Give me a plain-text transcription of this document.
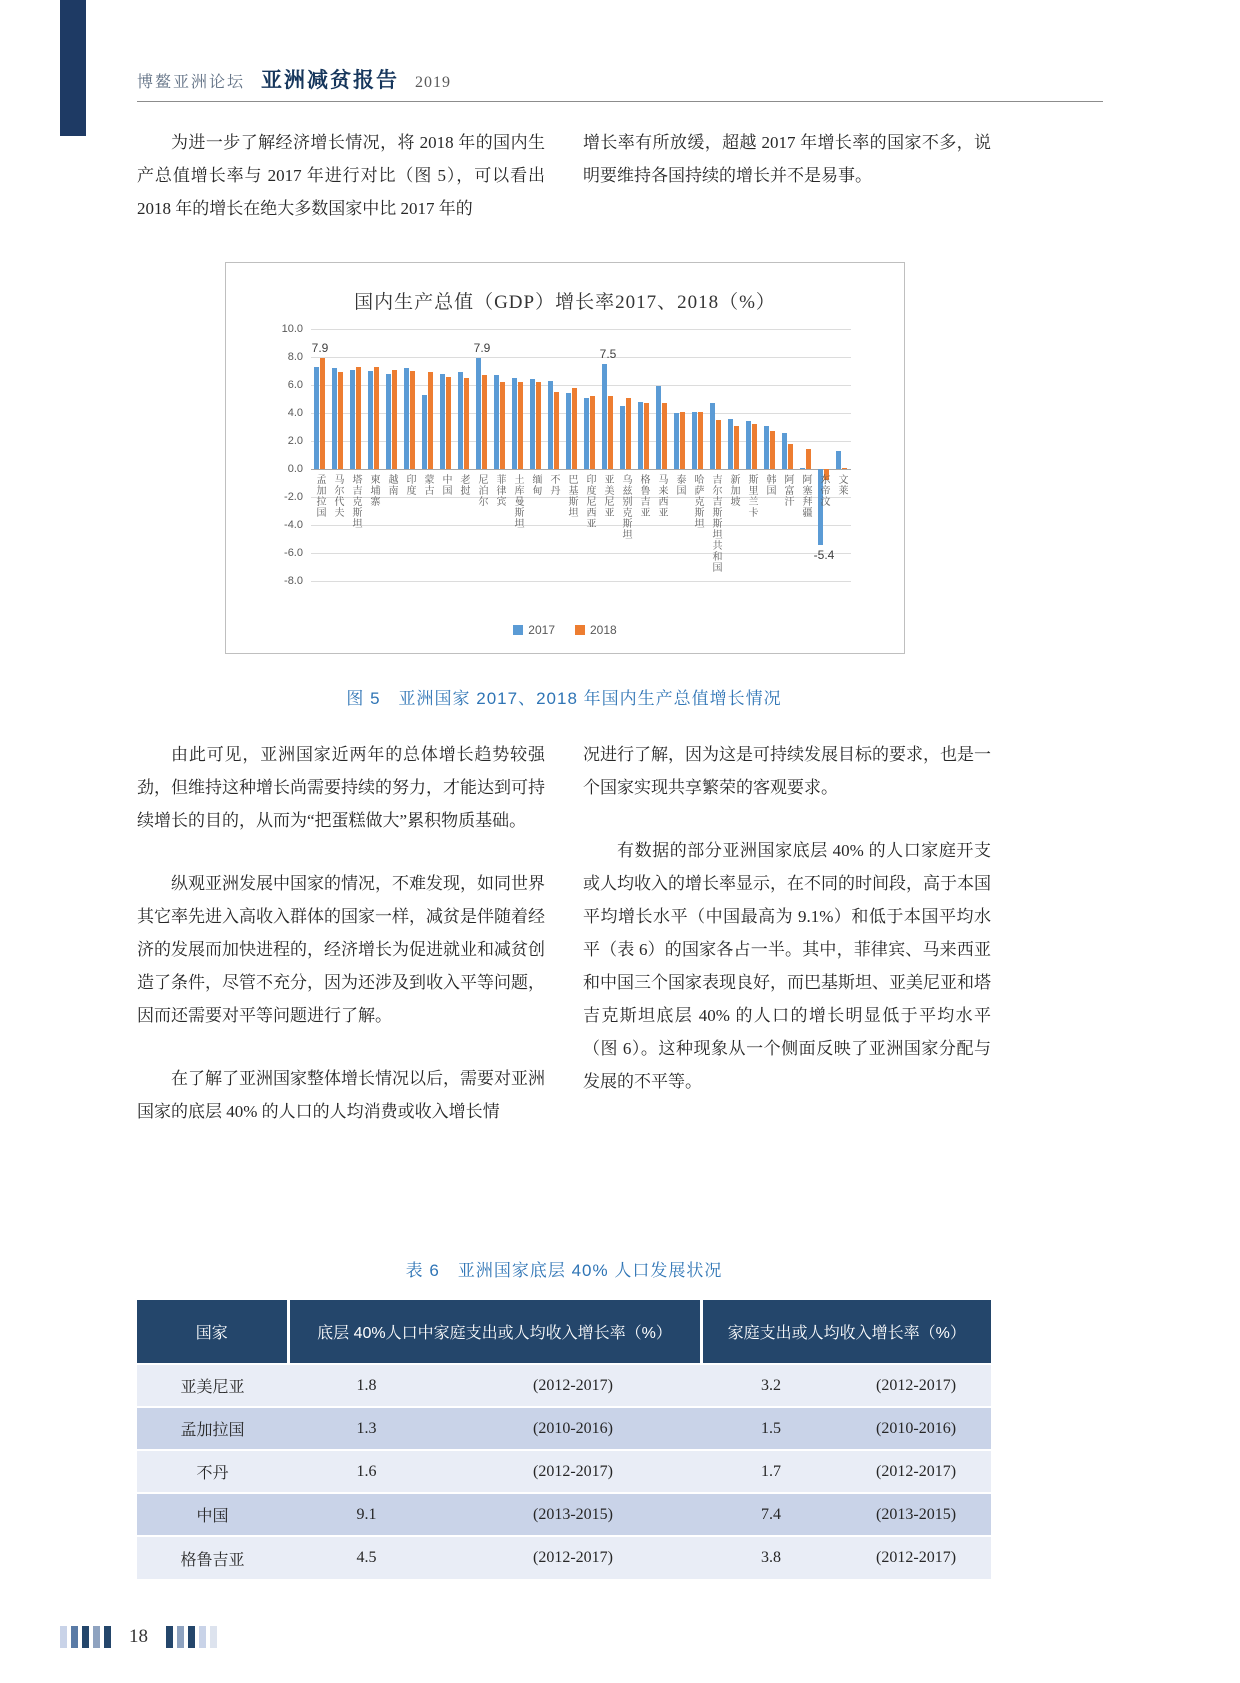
博鳌亚洲论坛 亚洲减贫报告 2019

为进一步了解经济增长情况，将 2018 年的国内生产总值增长率与 2017 年进行对比（图 5），可以看出 2018 年的增长在绝大多数国家中比 2017 年的

增长率有所放缓，超越 2017 年增长率的国家不多，说明要维持各国持续的增长并不是易事。

国内生产总值（GDP）增长率2017、2018（%）
10.0
8.0
6.0
4.0
2.0
0.0
-2.0
-4.0
-6.0
-8.0
孟加拉国 马尔代夫 塔吉克斯坦 柬埔寨 越南 印度 蒙古 中国 老挝 尼泊尔 菲律宾 土库曼斯坦 缅甸 不丹 巴基斯坦 印度尼西亚 亚美尼亚 乌兹别克斯坦 格鲁吉亚 马来西亚 泰国 哈萨克斯坦 吉尔吉斯斯坦共和国 新加坡 斯里兰卡 韩国 阿富汗 阿塞拜疆 东帝汶 文莱
7.9	7.9	7.5
-5.4
2017	2018
图 5　亚洲国家 2017、2018 年国内生产总值增长情况

由此可见，亚洲国家近两年的总体增长趋势较强劲，但维持这种增长尚需要持续的努力，才能达到可持续增长的目的，从而为“把蛋糕做大”累积物质基础。

纵观亚洲发展中国家的情况，不难发现，如同世界其它率先进入高收入群体的国家一样，减贫是伴随着经济的发展而加快进程的，经济增长为促进就业和减贫创造了条件，尽管不充分，因为还涉及到收入平等问题，因而还需要对平等问题进行了解。

在了解了亚洲国家整体增长情况以后，需要对亚洲国家的底层 40% 的人口的人均消费或收入增长情

况进行了解，因为这是可持续发展目标的要求，也是一个国家实现共享繁荣的客观要求。

有数据的部分亚洲国家底层 40% 的人口家庭开支或人均收入的增长率显示，在不同的时间段，高于本国平均增长水平（中国最高为 9.1%）和低于本国平均水平（表 6）的国家各占一半。其中，菲律宾、马来西亚和中国三个国家表现良好，而巴基斯坦、亚美尼亚和塔吉克斯坦底层 40% 的人口的增长明显低于平均水平（图 6）。这种现象从一个侧面反映了亚洲国家分配与发展的不平等。

表 6　亚洲国家底层 40% 人口发展状况
国家	底层 40%人口中家庭支出或人均收入增长率（%）		家庭支出或人均收入增长率（%）	
亚美尼亚	1.8	(2012-2017)	3.2	(2012-2017)
孟加拉国	1.3	(2010-2016)	1.5	(2010-2016)
不丹	1.6	(2012-2017)	1.7	(2012-2017)
中国	9.1	(2013-2015)	7.4	(2013-2015)
格鲁吉亚	4.5	(2012-2017)	3.8	(2012-2017)
18
